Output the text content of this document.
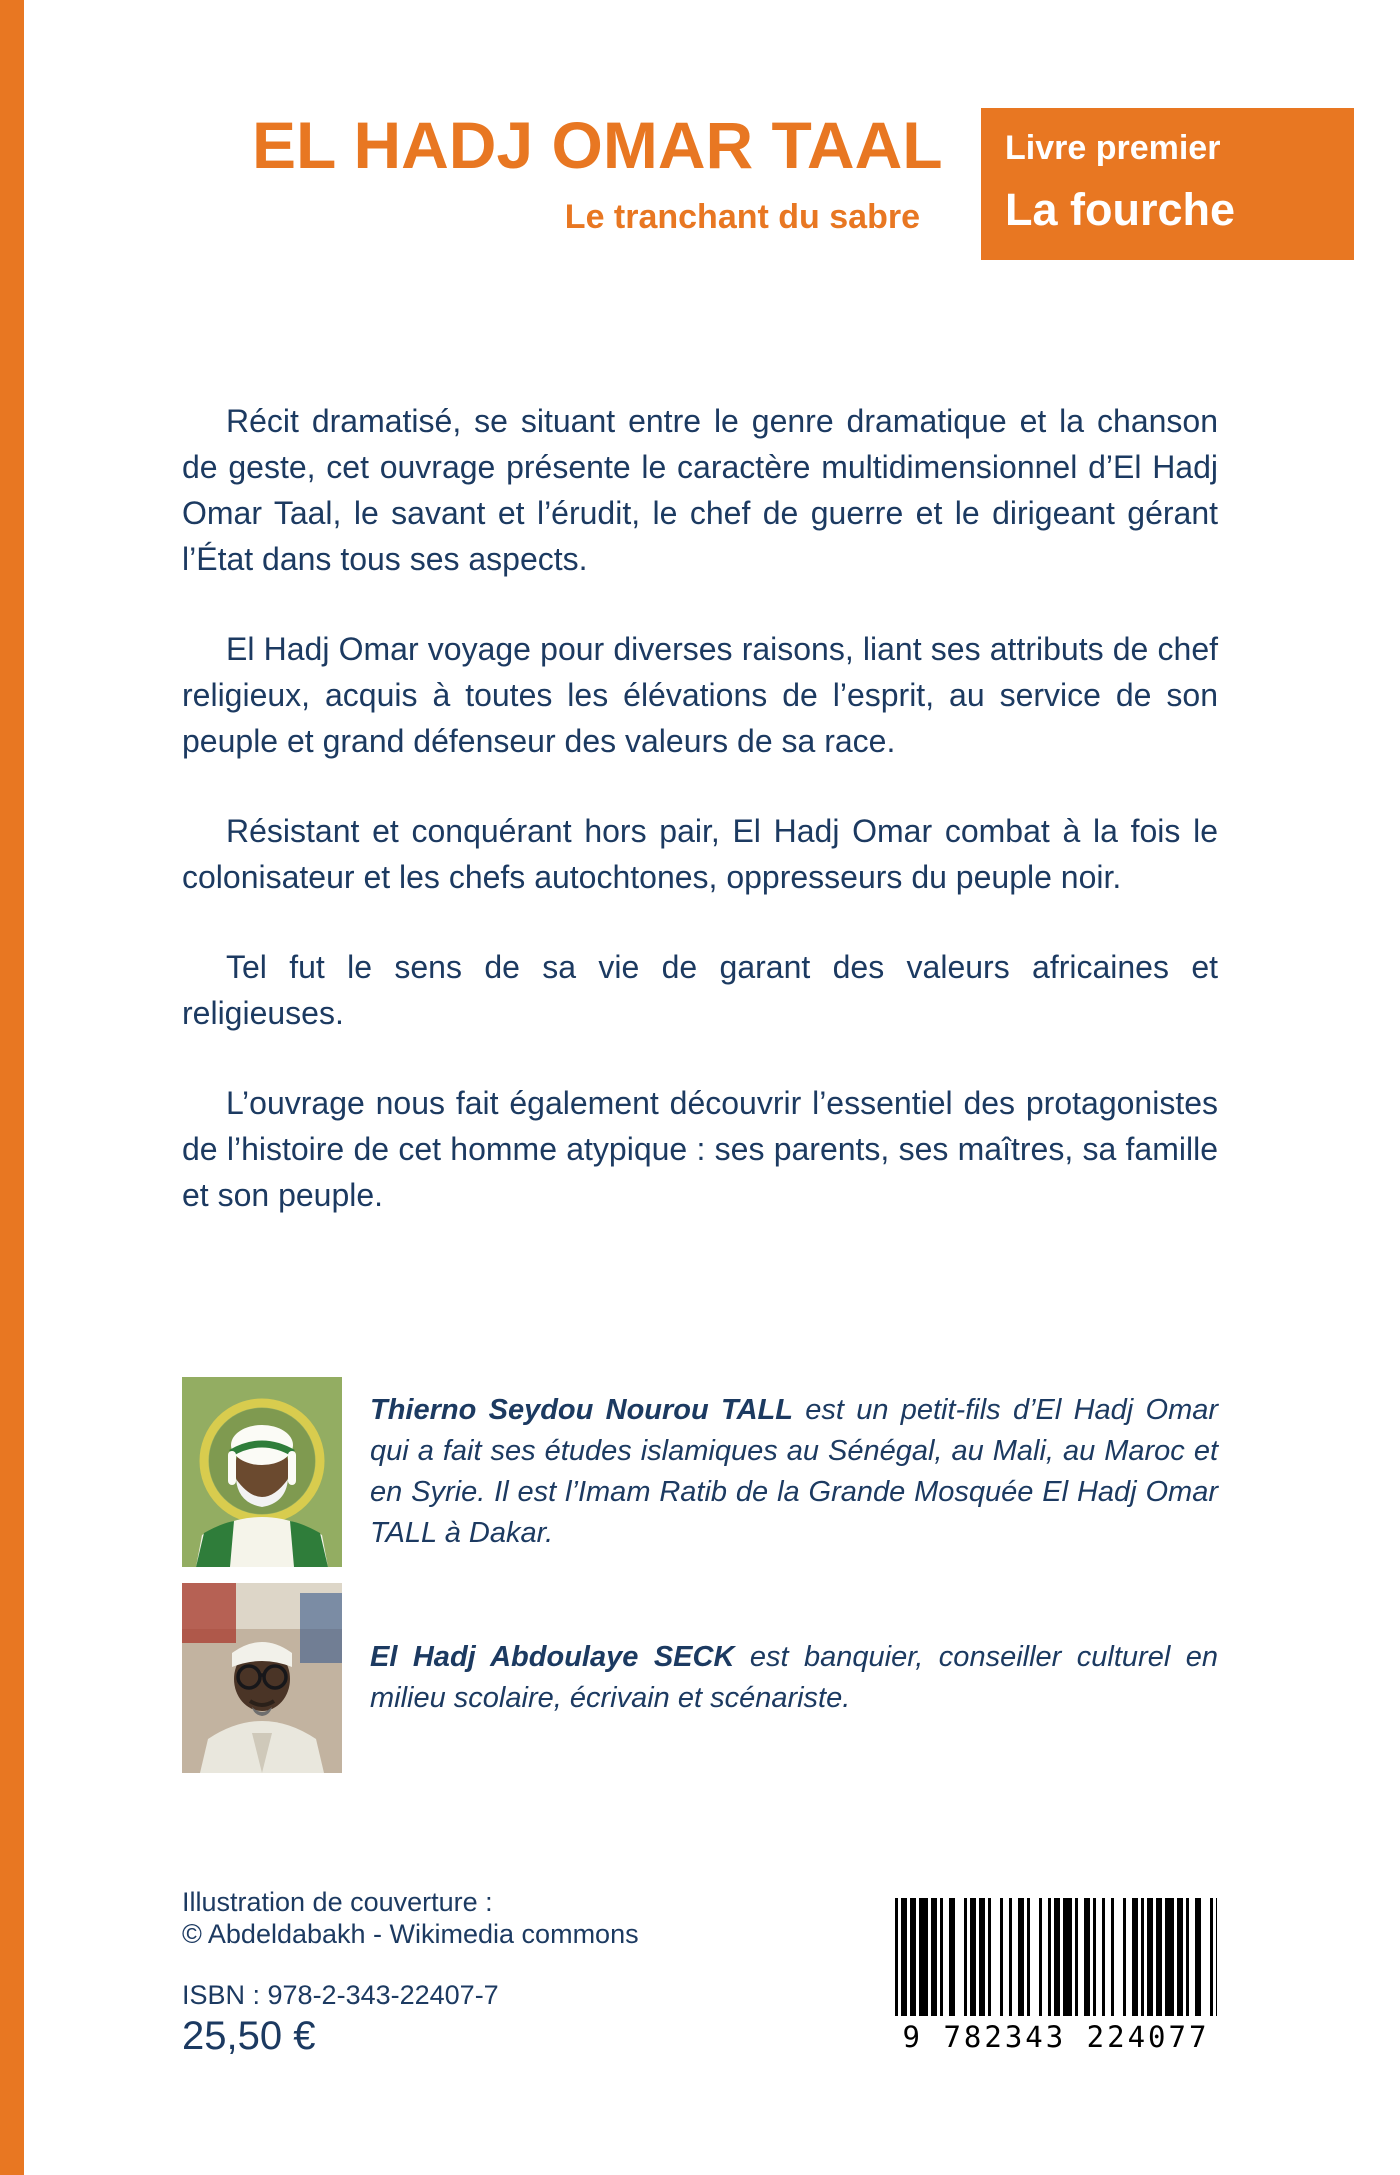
EL HADJ OMAR TAAL
Le tranchant du sabre
Livre premier
La fourche

Récit dramatisé, se situant entre le genre dramatique et la chanson de geste, cet ouvrage présente le caractère multidimensionnel d’El Hadj Omar Taal, le savant et l’érudit, le chef de guerre et le dirigeant gérant l’État dans tous ses aspects.

El Hadj Omar voyage pour diverses raisons, liant ses attributs de chef religieux, acquis à toutes les élévations de l’esprit, au service de son peuple et grand défenseur des valeurs de sa race.

Résistant et conquérant hors pair, El Hadj Omar combat à la fois le colonisateur et les chefs autochtones, oppresseurs du peuple noir.

Tel fut le sens de sa vie de garant des valeurs africaines et religieuses.

L’ouvrage nous fait également découvrir l’essentiel des protagonistes de l’histoire de cet homme atypique : ses parents, ses maîtres, sa famille et son peuple.

Thierno Seydou Nourou TALL est un petit-fils d’El Hadj Omar qui a fait ses études islamiques au Sénégal, au Mali, au Maroc et en Syrie. Il est l’Imam Ratib de la Grande Mosquée El Hadj Omar TALL à Dakar.
El Hadj Abdoulaye SECK est banquier, conseiller culturel en milieu scolaire, écrivain et scénariste.
Illustration de couverture :
© Abdeldabakh - Wikimedia commons
ISBN : 978-2-343-22407-7
25,50 €	9 782343 224077
